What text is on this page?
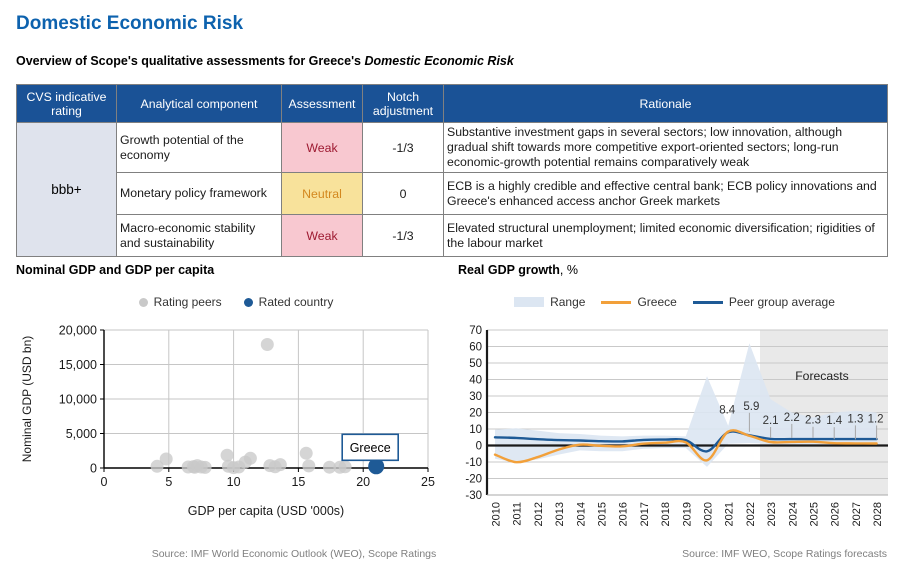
Domestic Economic Risk
Overview of Scope's qualitative assessments for Greece's Domestic Economic Risk
CVS indicative rating	Analytical component	Assessment	Notch adjustment	Rationale
bbb+	Growth potential of the economy	Weak	-1/3	Substantive investment gaps in several sectors; low innovation, although gradual shift towards more competitive export-oriented sectors; long-run economic-growth potential remains comparatively weak
	Monetary policy framework	Neutral	0	ECB is a highly credible and effective central bank; ECB policy innovations and Greece's enhanced access anchor Greek markets
	Macro-economic stability and sustainability	Weak	-1/3	Elevated structural unemployment; limited economic diversification; rigidities of the labour market
Nominal GDP and GDP per capita	Real GDP growth, %
Rating peers	Rated country	Range	Greece	Peer group average
0	5	10	15	20	25
0
5,000
10,000
15,000
20,000
Greece
Nominal GDP (USD bn)
GDP per capita (USD '000s)
8.4 5.9
2.1 2.2 2.3 1.4 1.3 1.2
Forecasts
-30
-20
-10
0
10
20
30
40
50
60
70
2010 2011 2012 2013 2014 2015 2016 2017 2018 2019 2020 2021 2022 2023 2024 2025 2026 2027 2028
Source: IMF World Economic Outlook (WEO), Scope Ratings	Source: IMF WEO, Scope Ratings forecasts
